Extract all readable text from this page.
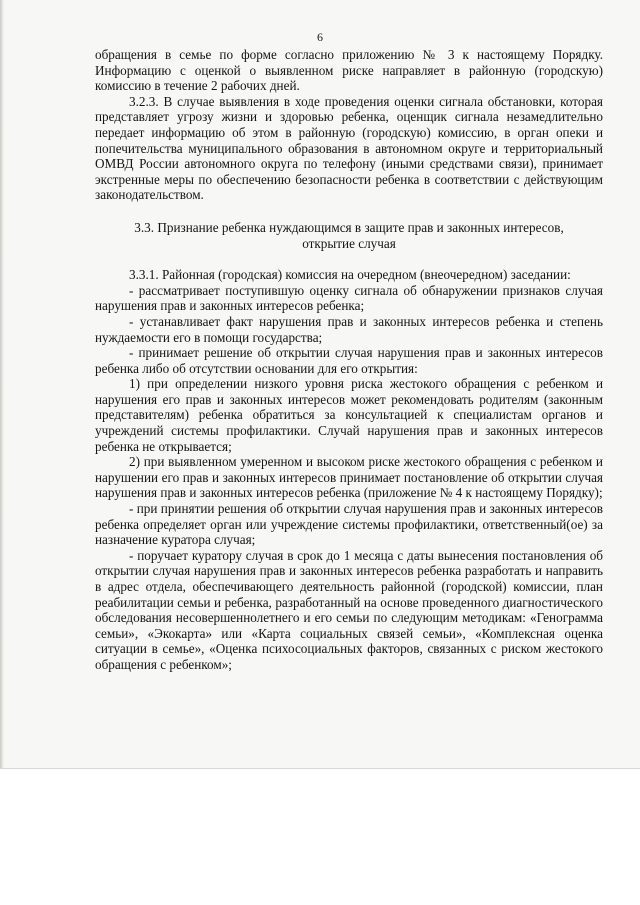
6

обращения в семье по форме согласно приложению № 3 к настоящему Порядку. Информацию с оценкой о выявленном риске направляет в районную (городскую) комиссию в течение 2 рабочих дней.

3.2.3. В случае выявления в ходе проведения оценки сигнала обстановки, которая представляет угрозу жизни и здоровью ребенка, оценщик сигнала незамедлительно передает информацию об этом в районную (городскую) комиссию, в орган опеки и попечительства муниципального образования в автономном округе и территориальный ОМВД России автономного округа по телефону (иными средствами связи), принимает экстренные меры по обеспечению безопасности ребенка в соответствии с действующим законодательством.

3.3. Признание ребенка нуждающимся в защите прав и законных интересов, открытие случая

3.3.1. Районная (городская) комиссия на очередном (внеочередном) заседании:

- рассматривает поступившую оценку сигнала об обнаружении признаков случая нарушения прав и законных интересов ребенка;

- устанавливает факт нарушения прав и законных интересов ребенка и степень нуждаемости его в помощи государства;

- принимает решение об открытии случая нарушения прав и законных интересов ребенка либо об отсутствии основании для его открытия:

1) при определении низкого уровня риска жестокого обращения с ребенком и нарушения его прав и законных интересов может рекомендовать родителям (законным представителям) ребенка обратиться за консультацией к специалистам органов и учреждений системы профилактики. Случай нарушения прав и законных интересов ребенка не открывается;

2) при выявленном умеренном и высоком риске жестокого обращения с ребенком и нарушении его прав и законных интересов принимает постановление об открытии случая нарушения прав и законных интересов ребенка (приложение № 4 к настоящему Порядку);

- при принятии решения об открытии случая нарушения прав и законных интересов ребенка определяет орган или учреждение системы профилактики, ответственный(ое) за назначение куратора случая;

- поручает куратору случая в срок до 1 месяца с даты вынесения постановления об открытии случая нарушения прав и законных интересов ребенка разработать и направить в адрес отдела, обеспечивающего деятельность районной (городской) комиссии, план реабилитации семьи и ребенка, разработанный на основе проведенного диагностического обследования несовершеннолетнего и его семьи по следующим методикам: «Генограмма семьи», «Экокарта» или «Карта социальных связей семьи», «Комплексная оценка ситуации в семье», «Оценка психосоциальных факторов, связанных с риском жестокого обращения с ребенком»;
